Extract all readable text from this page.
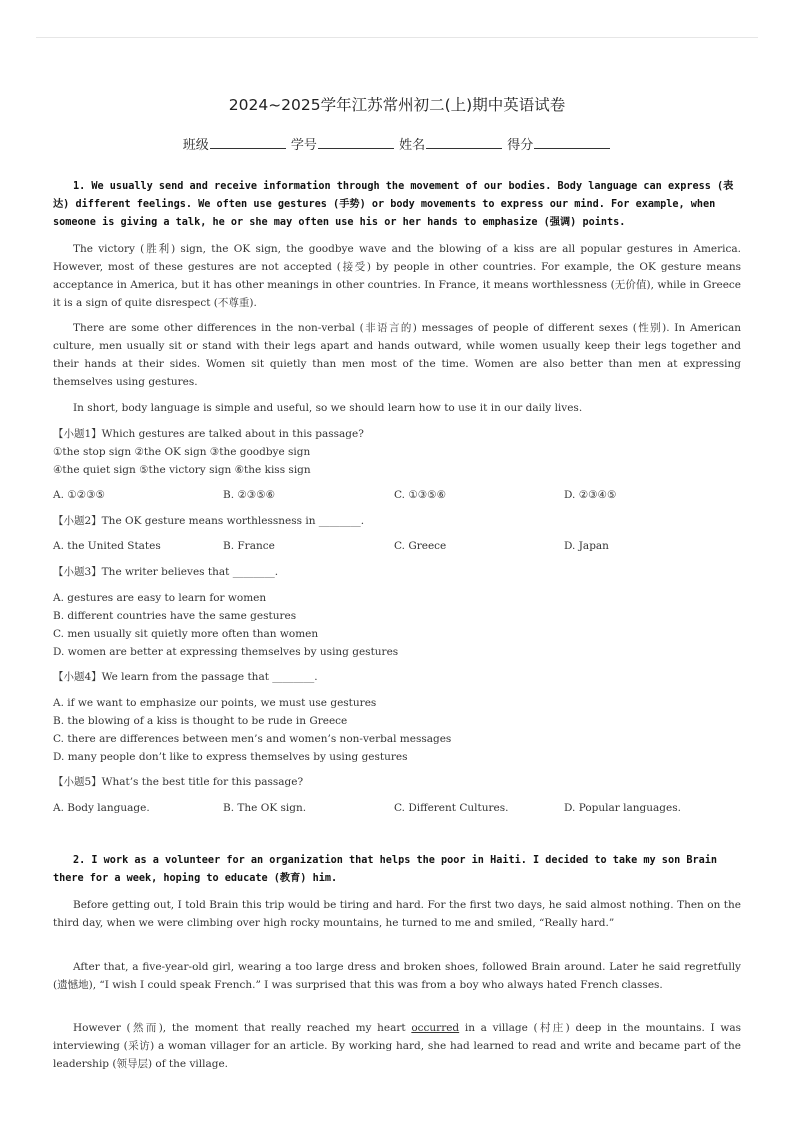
2024~2025学年江苏常州初二(上)期中英语试卷
班级	学号	姓名	得分
1. We usually send and receive information through the movement of our bodies. Body language can express (表达) different feelings. We often use gestures (手势) or body movements to express our mind. For example, when someone is giving a talk, he or she may often use his or her hands to emphasize (强调) points.
The victory (胜利) sign, the OK sign, the goodbye wave and the blowing of a kiss are all popular gestures in America. However, most of these gestures are not accepted (接受) by people in other countries. For example, the OK gesture means acceptance in America, but it has other meanings in other countries. In France, it means worthlessness (无价值), while in Greece it is a sign of quite disrespect (不尊重).
There are some other differences in the non-verbal (非语言的) messages of people of different sexes (性别). In American culture, men usually sit or stand with their legs apart and hands outward, while women usually keep their legs together and their hands at their sides. Women sit quietly than men most of the time. Women are also better than men at expressing themselves using gestures.
In short, body language is simple and useful, so we should learn how to use it in our daily lives.
【小题1】Which gestures are talked about in this passage?
①the stop sign ②the OK sign ③the goodbye sign
④the quiet sign ⑤the victory sign ⑥the kiss sign
A. ①②③⑤	B. ②③⑤⑥	C. ①③⑤⑥	D. ②③④⑤
【小题2】The OK gesture means worthlessness in ________.
A. the United States	B. France	C. Greece	D. Japan
【小题3】The writer believes that ________.
A. gestures are easy to learn for women
B. different countries have the same gestures
C. men usually sit quietly more often than women
D. women are better at expressing themselves by using gestures
【小题4】We learn from the passage that ________.
A. if we want to emphasize our points, we must use gestures
B. the blowing of a kiss is thought to be rude in Greece
C. there are differences between men’s and women’s non-verbal messages
D. many people don’t like to express themselves by using gestures
【小题5】What’s the best title for this passage?
A. Body language.	B. The OK sign.	C. Different Cultures.	D. Popular languages.
2. I work as a volunteer for an organization that helps the poor in Haiti. I decided to take my son Brain there for a week, hoping to educate (教育) him.
Before getting out, I told Brain this trip would be tiring and hard. For the first two days, he said almost nothing. Then on the third day, when we were climbing over high rocky mountains, he turned to me and smiled, “Really hard.”
After that, a five-year-old girl, wearing a too large dress and broken shoes, followed Brain around. Later he said regretfully (遗憾地), “I wish I could speak French.” I was surprised that this was from a boy who always hated French classes.
However (然而), the moment that really reached my heart occurred in a village (村庄) deep in the mountains. I was interviewing (采访) a woman villager for an article. By working hard, she had learned to read and write and became part of the leadership (领导层) of the village.
